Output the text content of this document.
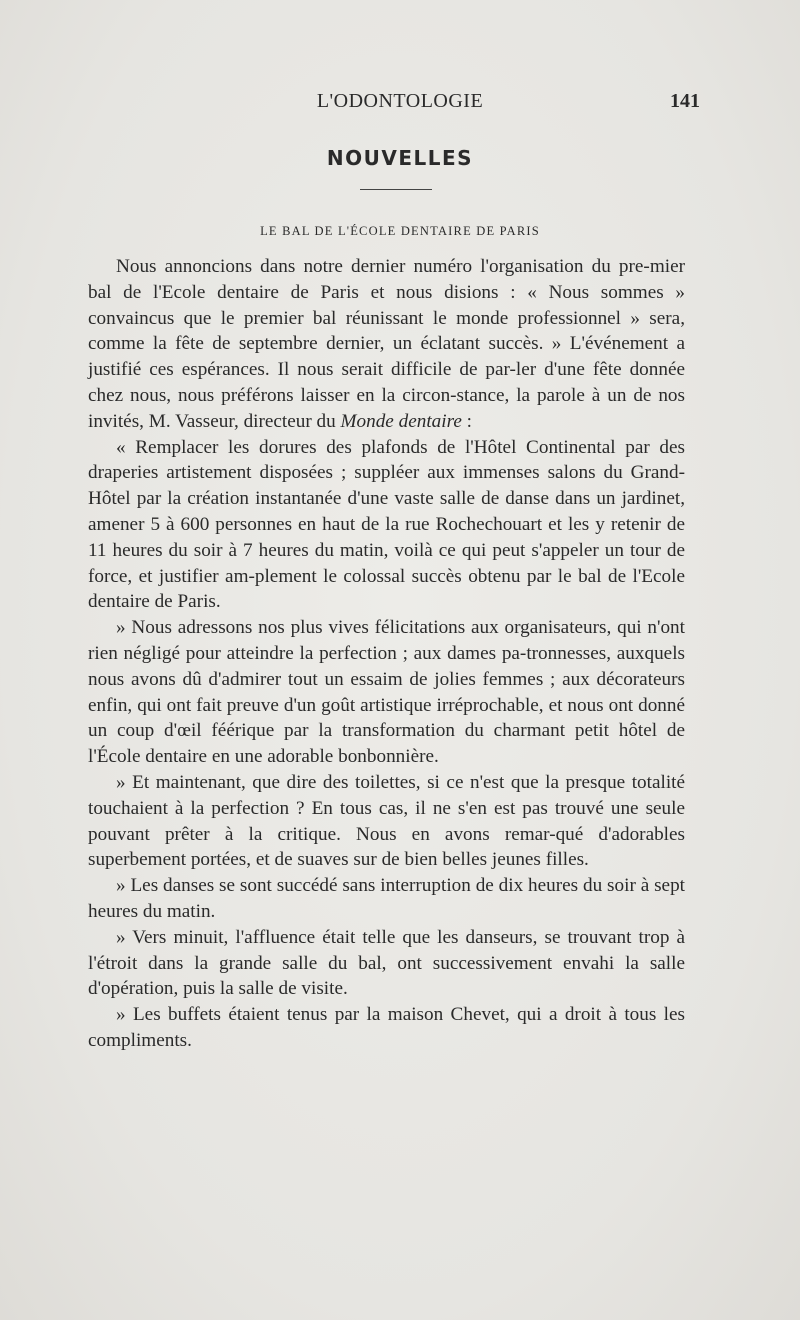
L'ODONTOLOGIE	141
NOUVELLES
LE BAL DE L'ÉCOLE DENTAIRE DE PARIS

Nous annoncions dans notre dernier numéro l'organisation du pre-mier bal de l'Ecole dentaire de Paris et nous disions : « Nous sommes » convaincus que le premier bal réunissant le monde professionnel » sera, comme la fête de septembre dernier, un éclatant succès. » L'événement a justifié ces espérances. Il nous serait difficile de par-ler d'une fête donnée chez nous, nous préférons laisser en la circon-stance, la parole à un de nos invités, M. Vasseur, directeur du Monde dentaire :

« Remplacer les dorures des plafonds de l'Hôtel Continental par des draperies artistement disposées ; suppléer aux immenses salons du Grand-Hôtel par la création instantanée d'une vaste salle de danse dans un jardinet, amener 5 à 600 personnes en haut de la rue Rochechouart et les y retenir de 11 heures du soir à 7 heures du matin, voilà ce qui peut s'appeler un tour de force, et justifier am-plement le colossal succès obtenu par le bal de l'Ecole dentaire de Paris.

» Nous adressons nos plus vives félicitations aux organisateurs, qui n'ont rien négligé pour atteindre la perfection ; aux dames pa-tronnesses, auxquels nous avons dû d'admirer tout un essaim de jolies femmes ; aux décorateurs enfin, qui ont fait preuve d'un goût artistique irréprochable, et nous ont donné un coup d'œil féérique par la transformation du charmant petit hôtel de l'École dentaire en une adorable bonbonnière.

» Et maintenant, que dire des toilettes, si ce n'est que la presque totalité touchaient à la perfection ? En tous cas, il ne s'en est pas trouvé une seule pouvant prêter à la critique. Nous en avons remar-qué d'adorables superbement portées, et de suaves sur de bien belles jeunes filles.

» Les danses se sont succédé sans interruption de dix heures du soir à sept heures du matin.

» Vers minuit, l'affluence était telle que les danseurs, se trouvant trop à l'étroit dans la grande salle du bal, ont successivement envahi la salle d'opération, puis la salle de visite.

» Les buffets étaient tenus par la maison Chevet, qui a droit à tous les compliments.
